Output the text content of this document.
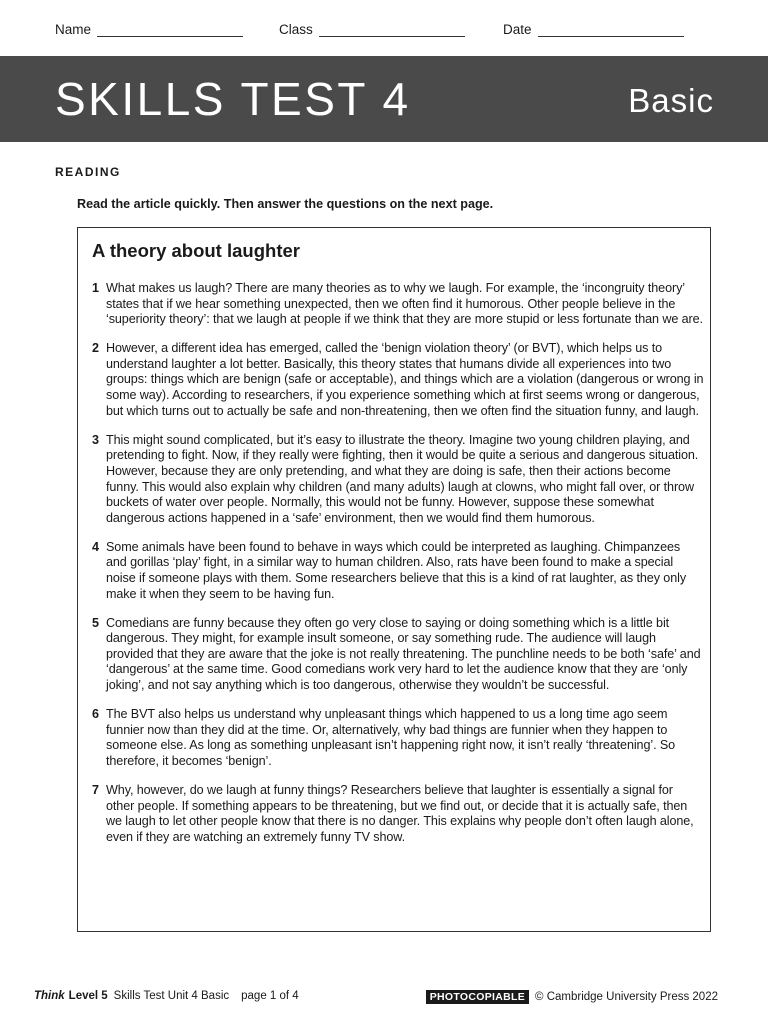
Name	Class	Date
SKILLS TEST 4	Basic
reading
Read the article quickly. Then answer the questions on the next page.
A theory about laughter
1 What makes us laugh? There are many theories as to why we laugh. For example, the ‘incongruity theory’ states that if we hear something unexpected, then we often find it humorous. Other people believe in the ‘superiority theory’: that we laugh at people if we think that they are more stupid or less fortunate than we are.
2 However, a different idea has emerged, called the ‘benign violation theory’ (or BVT), which helps us to understand laughter a lot better. Basically, this theory states that humans divide all experiences into two groups: things which are benign (safe or acceptable), and things which are a violation (dangerous or wrong in some way). According to researchers, if you experience something which at first seems wrong or dangerous, but which turns out to actually be safe and non-threatening, then we often find the situation funny, and laugh.
3 This might sound complicated, but it’s easy to illustrate the theory. Imagine two young children playing, and pretending to fight. Now, if they really were fighting, then it would be quite a serious and dangerous situation. However, because they are only pretending, and what they are doing is safe, then their actions become funny. This would also explain why children (and many adults) laugh at clowns, who might fall over, or throw buckets of water over people. Normally, this would not be funny. However, suppose these somewhat dangerous actions happened in a ‘safe’ environment, then we would find them humorous.
4 Some animals have been found to behave in ways which could be interpreted as laughing. Chimpanzees and gorillas ‘play’ fight, in a similar way to human children. Also, rats have been found to make a special noise if someone plays with them. Some researchers believe that this is a kind of rat laughter, as they only make it when they seem to be having fun.
5 Comedians are funny because they often go very close to saying or doing something which is a little bit dangerous. They might, for example insult someone, or say something rude. The audience will laugh provided that they are aware that the joke is not really threatening. The punchline needs to be both ‘safe’ and ‘dangerous’ at the same time. Good comedians work very hard to let the audience know that they are ‘only joking’, and not say anything which is too dangerous, otherwise they wouldn’t be successful.
6 The BVT also helps us understand why unpleasant things which happened to us a long time ago seem funnier now than they did at the time. Or, alternatively, why bad things are funnier when they happen to someone else. As long as something unpleasant isn’t happening right now, it isn’t really ‘threatening’. So therefore, it becomes ‘benign’.
7 Why, however, do we laugh at funny things? Researchers believe that laughter is essentially a signal for other people. If something appears to be threatening, but we find out, or decide that it is actually safe, then we laugh to let other people know that there is no danger. This explains why people don’t often laugh alone, even if they are watching an extremely funny TV show.
Think Level 5 Skills Test Unit 4 Basic page 1 of 4	PHOTOCOPIABLE © Cambridge University Press 2022
